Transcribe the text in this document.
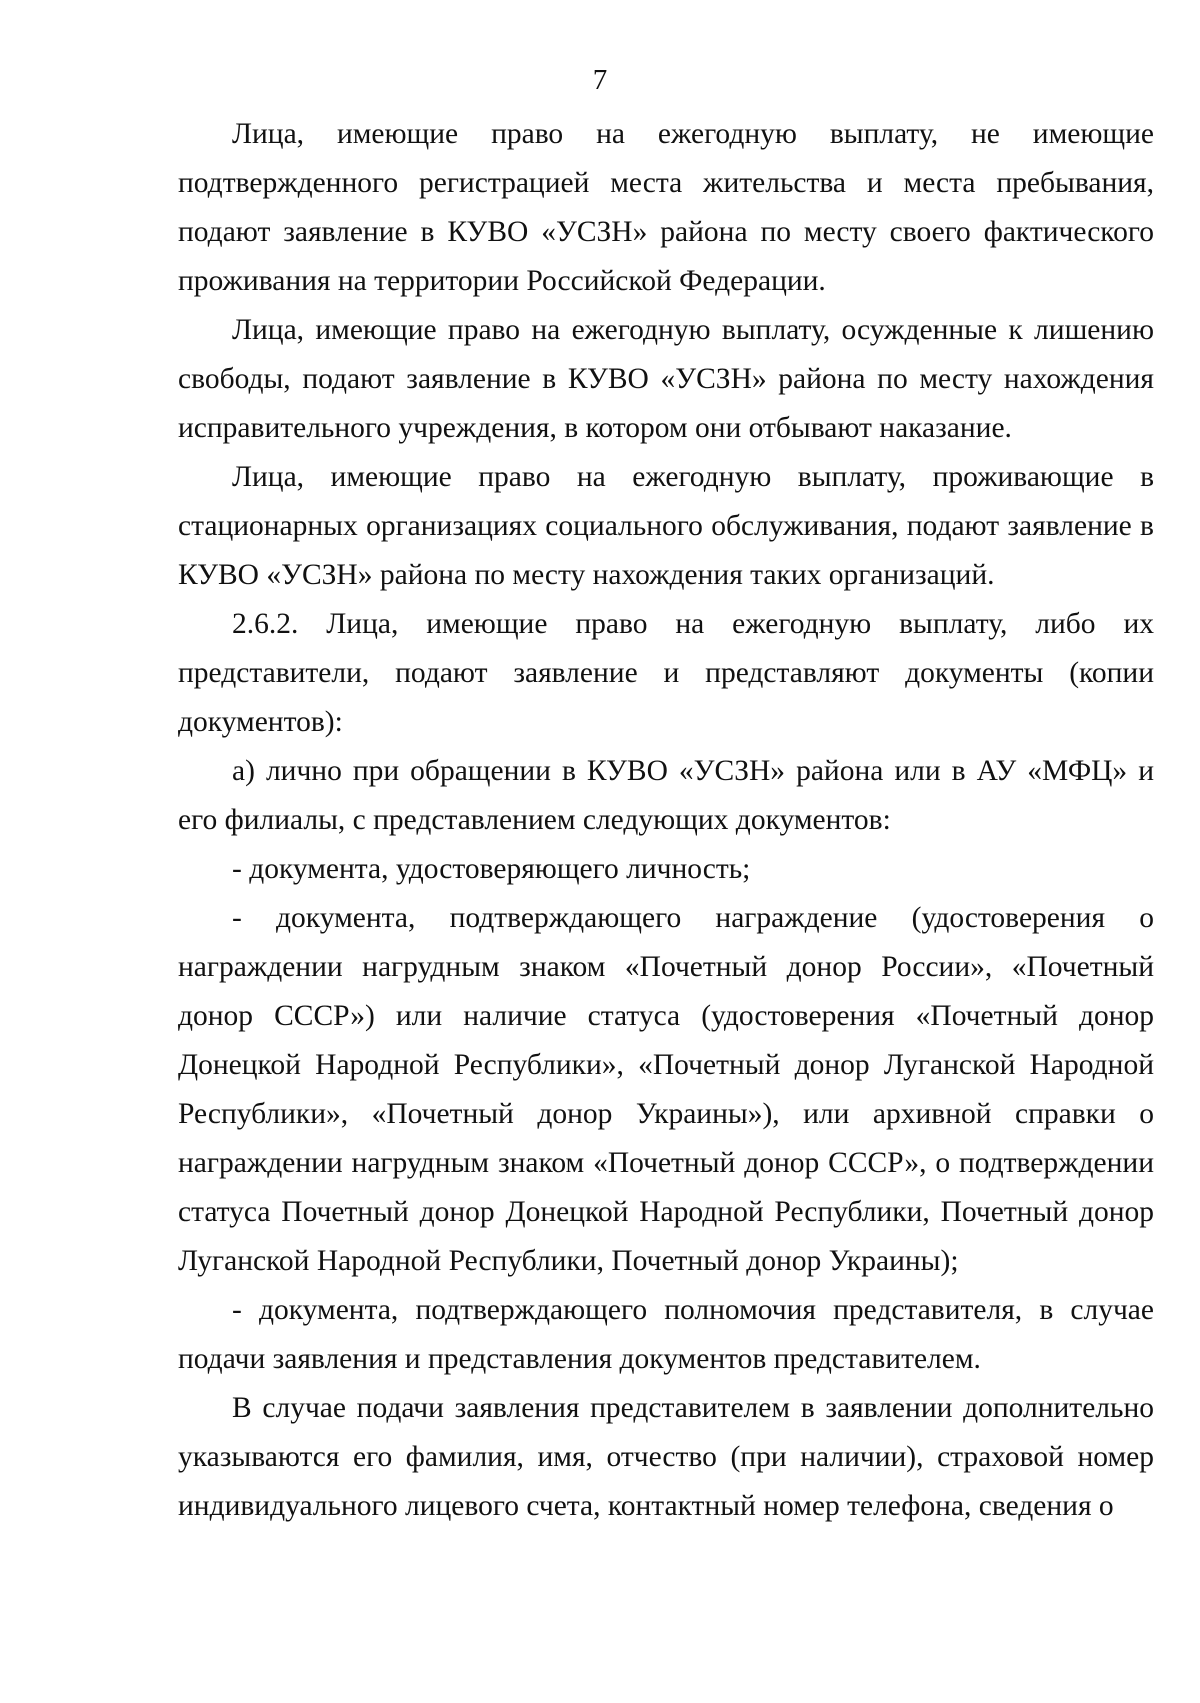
7

Лица, имеющие право на ежегодную выплату, не имеющие подтвержденного регистрацией места жительства и места пребывания, подают заявление в КУВО «УСЗН» района по месту своего фактического проживания на территории Российской Федерации.

Лица, имеющие право на ежегодную выплату, осужденные к лишению свободы, подают заявление в КУВО «УСЗН» района по месту нахождения исправительного учреждения, в котором они отбывают наказание.

Лица, имеющие право на ежегодную выплату, проживающие в стационарных организациях социального обслуживания, подают заявление в КУВО «УСЗН» района по месту нахождения таких организаций.

2.6.2. Лица, имеющие право на ежегодную выплату, либо их представители, подают заявление и представляют документы (копии документов):

а) лично при обращении в КУВО «УСЗН» района или в АУ «МФЦ» и его филиалы, с представлением следующих документов:

- документа, удостоверяющего личность;

- документа, подтверждающего награждение (удостоверения о награждении нагрудным знаком «Почетный донор России», «Почетный донор СССР») или наличие статуса (удостоверения «Почетный донор Донецкой Народной Республики», «Почетный донор Луганской Народной Республики», «Почетный донор Украины»), или архивной справки о награждении нагрудным знаком «Почетный донор СССР», о подтверждении статуса Почетный донор Донецкой Народной Республики, Почетный донор Луганской Народной Республики, Почетный донор Украины);

- документа, подтверждающего полномочия представителя, в случае подачи заявления и представления документов представителем.

В случае подачи заявления представителем в заявлении дополнительно указываются его фамилия, имя, отчество (при наличии), страховой номер индивидуального лицевого счета, контактный номер телефона, сведения о
